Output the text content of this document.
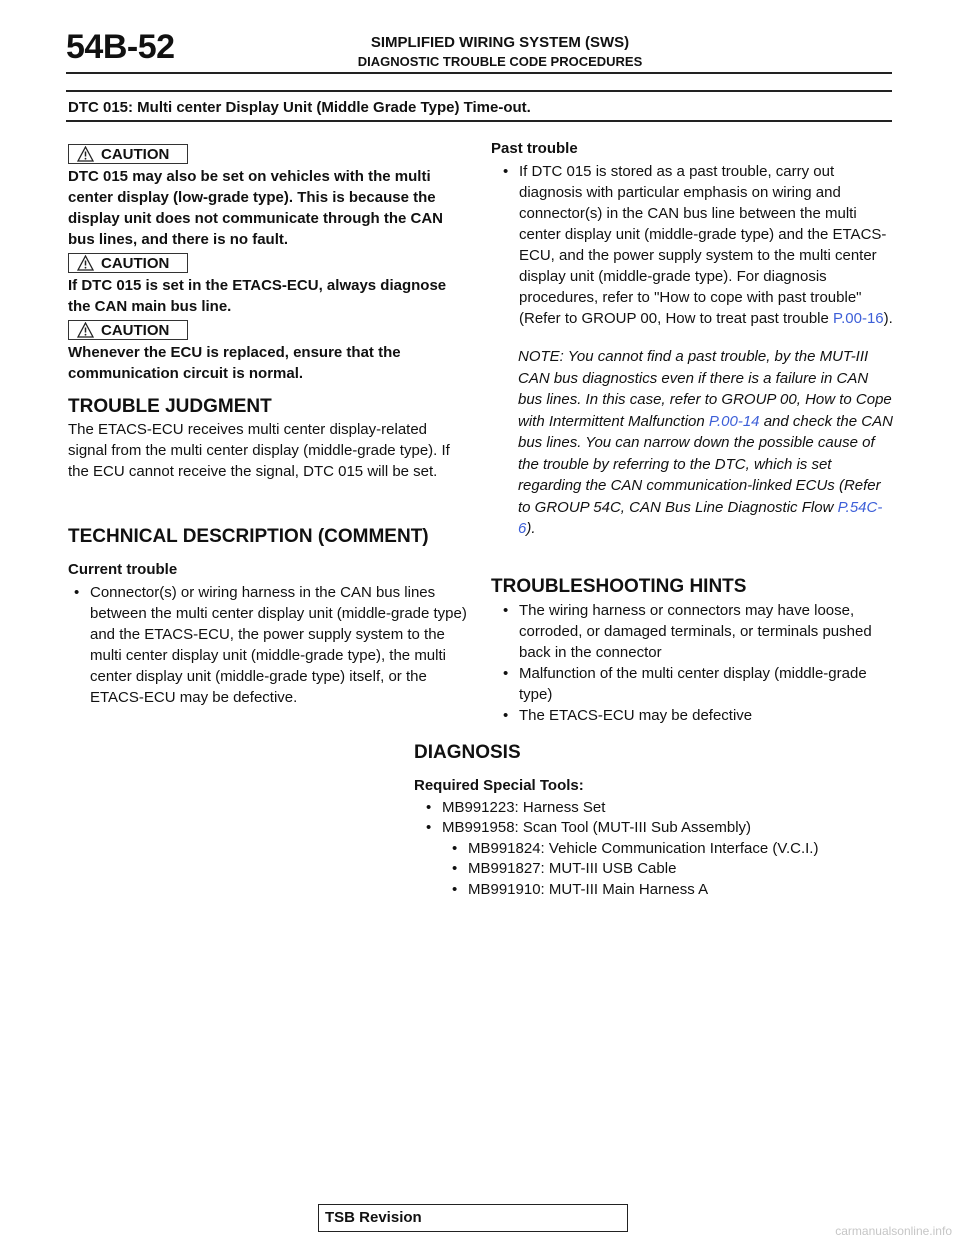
54B-52	SIMPLIFIED WIRING SYSTEM (SWS)
DIAGNOSTIC TROUBLE CODE PROCEDURES
DTC 015: Multi center Display Unit (Middle Grade Type) Time-out.
CAUTION
DTC 015 may also be set on vehicles with the multi center display (low-grade type). This is because the display unit does not communicate through the CAN bus lines, and there is no fault.
CAUTION
If DTC 015 is set in the ETACS-ECU, always diagnose the CAN main bus line.
CAUTION
Whenever the ECU is replaced, ensure that the communication circuit is normal.
TROUBLE JUDGMENT
The ETACS-ECU receives multi center display-related signal from the multi center display (middle-grade type). If the ECU cannot receive the signal, DTC 015 will be set.
TECHNICAL DESCRIPTION (COMMENT)
Current trouble
• Connector(s) or wiring harness in the CAN bus lines between the multi center display unit (middle-grade type) and the ETACS-ECU, the power supply system to the multi center display unit (middle-grade type), the multi center display unit (middle-grade type) itself, or the ETACS-ECU may be defective.
Past trouble
• If DTC 015 is stored as a past trouble, carry out diagnosis with particular emphasis on wiring and connector(s) in the CAN bus line between the multi center display unit (middle-grade type) and the ETACS-ECU, and the power supply system to the multi center display unit (middle-grade type). For diagnosis procedures, refer to "How to cope with past trouble" (Refer to GROUP 00, How to treat past trouble P.00-16).
NOTE: You cannot find a past trouble, by the MUT-III CAN bus diagnostics even if there is a failure in CAN bus lines. In this case, refer to GROUP 00, How to Cope with Intermittent Malfunction P.00-14 and check the CAN bus lines. You can narrow down the possible cause of the trouble by referring to the DTC, which is set regarding the CAN communication-linked ECUs (Refer to GROUP 54C, CAN Bus Line Diagnostic Flow P.54C-6).
TROUBLESHOOTING HINTS
• The wiring harness or connectors may have loose, corroded, or damaged terminals, or terminals pushed back in the connector
• Malfunction of the multi center display (middle-grade type)
• The ETACS-ECU may be defective
DIAGNOSIS
Required Special Tools:
• MB991223: Harness Set
• MB991958: Scan Tool (MUT-III Sub Assembly)
• MB991824: Vehicle Communication Interface (V.C.I.)
• MB991827: MUT-III USB Cable
• MB991910: MUT-III Main Harness A
TSB Revision
carmanualsonline.info
